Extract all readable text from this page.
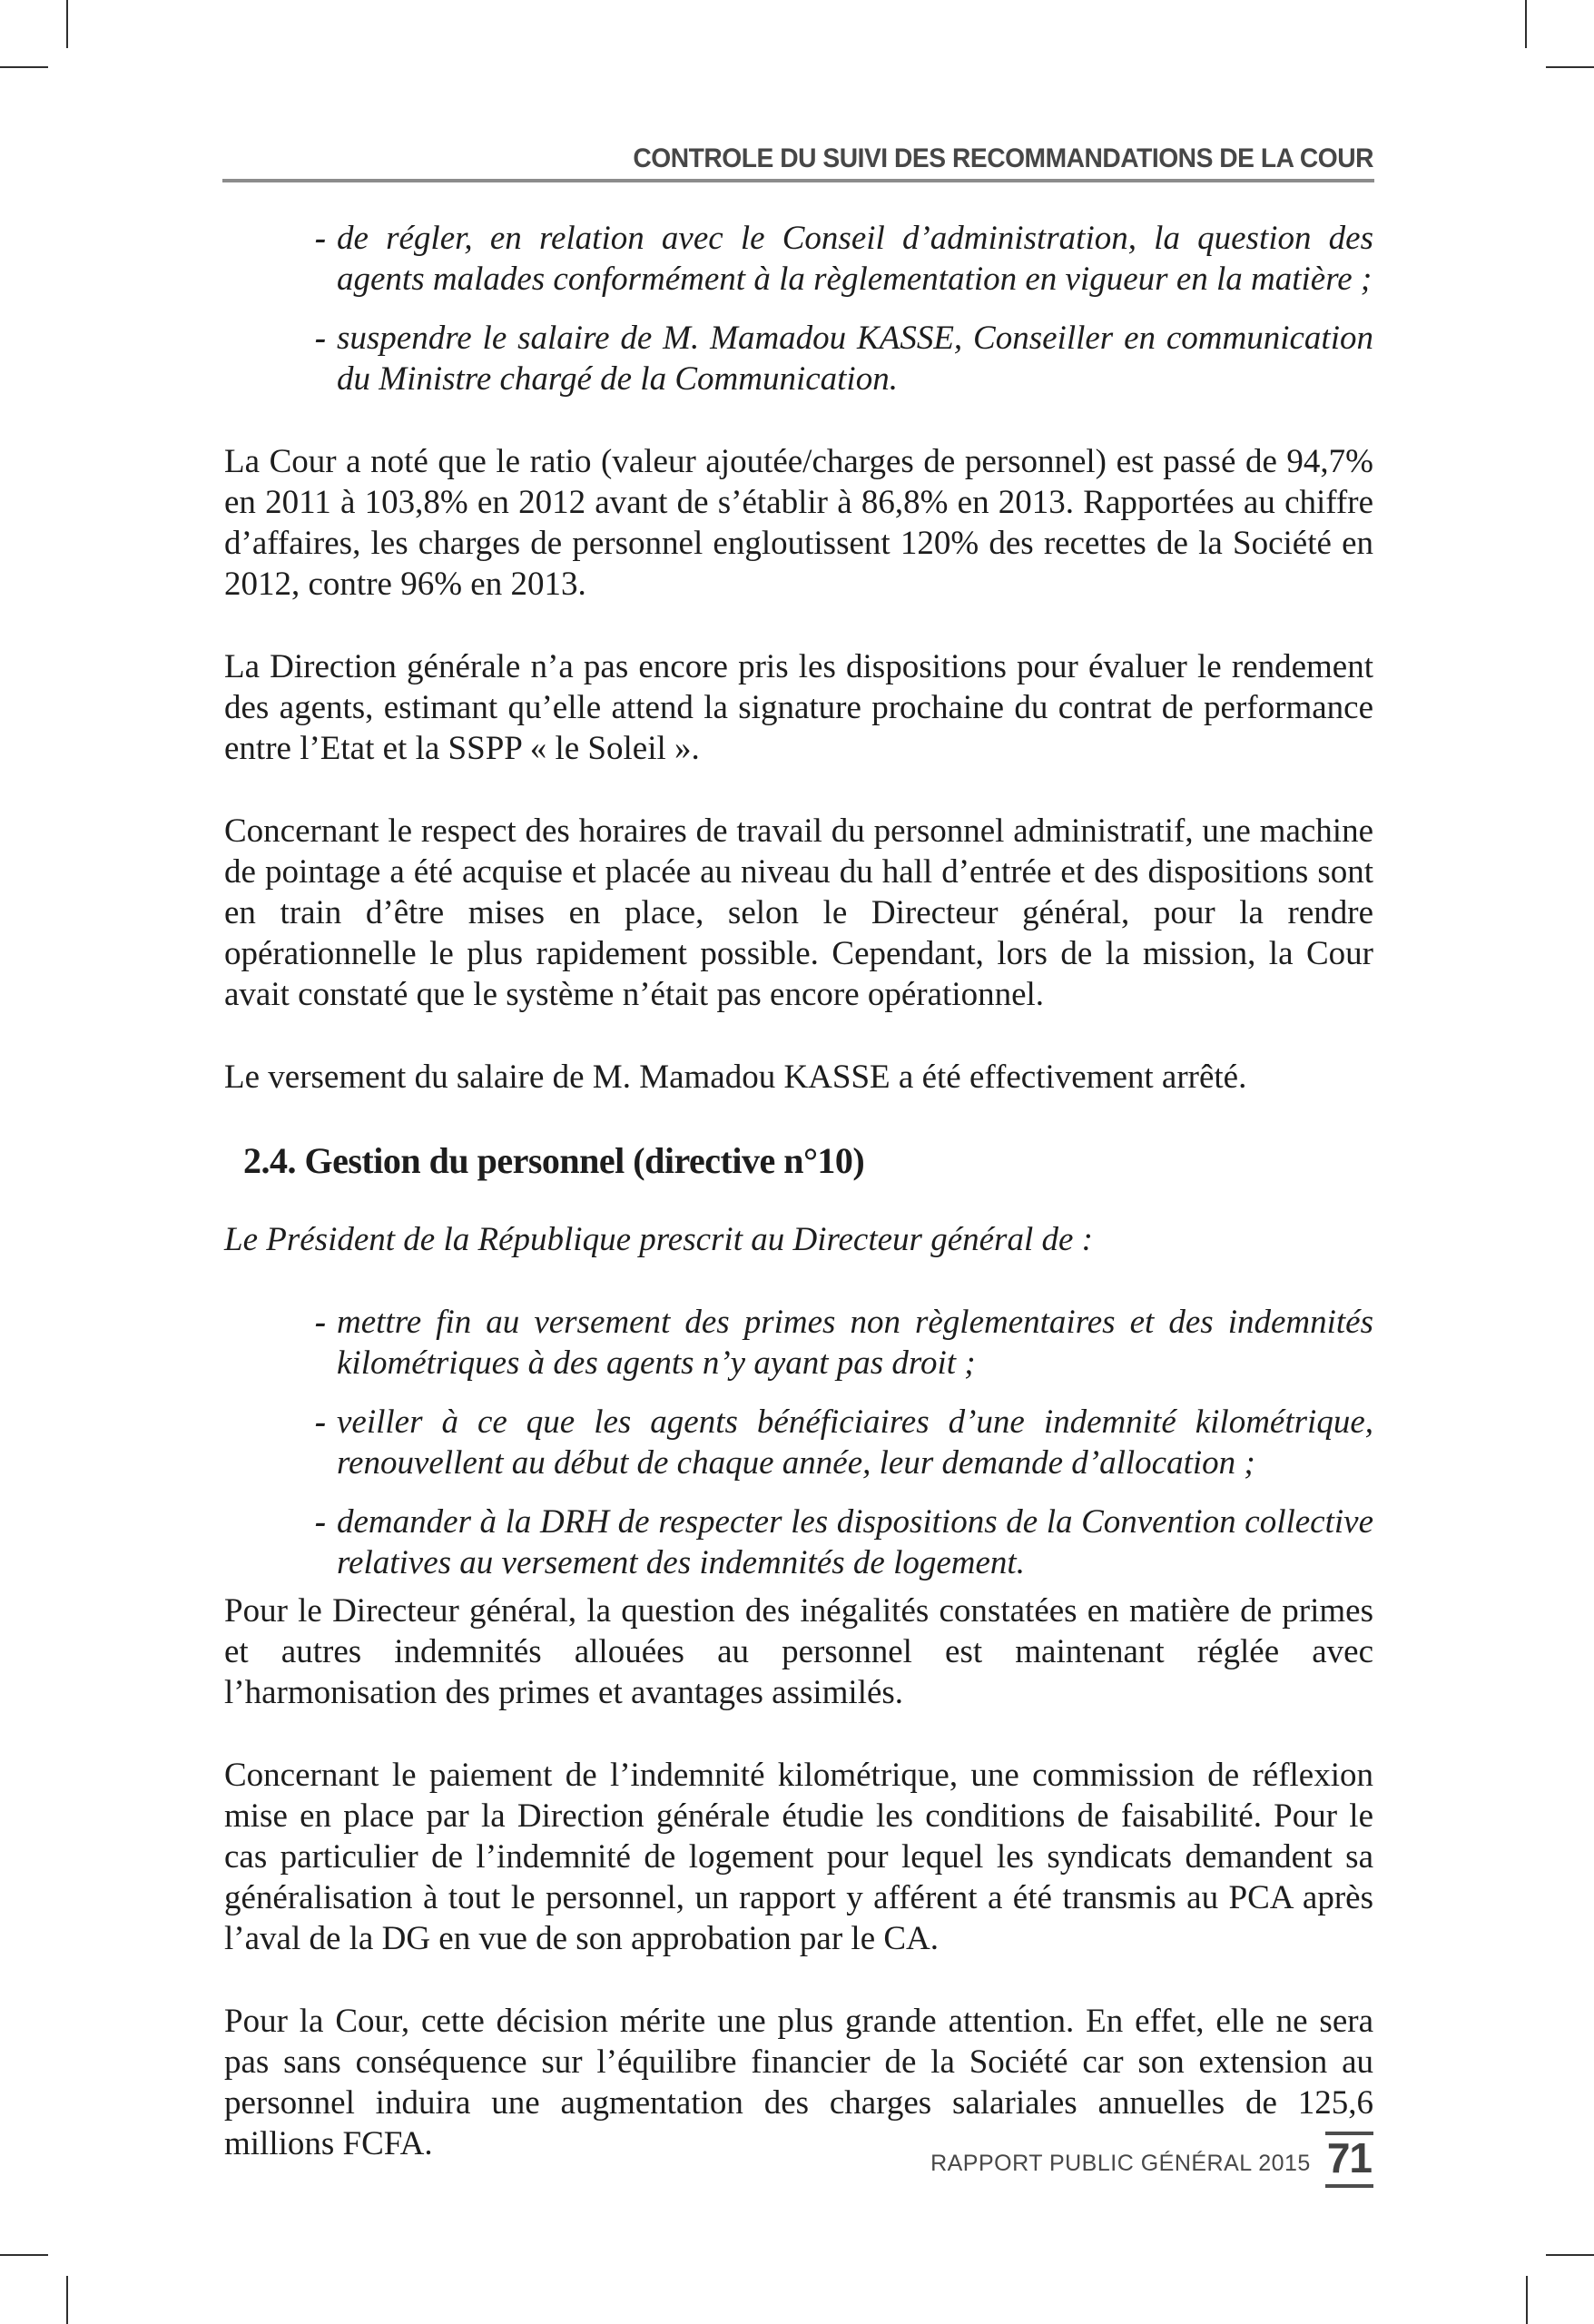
CONTROLE DU SUIVI DES RECOMMANDATIONS DE LA COUR
-
de régler, en relation avec le Conseil d’administration, la question des agents malades conformément à la règlementation en vigueur en la matière ;
-
suspendre le salaire de M. Mamadou KASSE, Conseiller en communication du Ministre chargé de la Communication.

La Cour a noté que le ratio (valeur ajoutée/charges de personnel) est passé de 94,7% en 2011 à 103,8% en 2012 avant de s’établir à 86,8% en 2013. Rapportées au chiffre d’affaires, les charges de personnel engloutissent 120% des recettes de la Société en 2012, contre 96% en 2013.

La Direction générale n’a pas encore pris les dispositions pour évaluer le rendement des agents, estimant qu’elle attend la signature prochaine du contrat de performance entre l’Etat et la SSPP « le Soleil ».

Concernant le respect des horaires de travail du personnel administratif, une machine de pointage a été acquise et placée au niveau du hall d’entrée et des dispositions sont en train d’être mises en place, selon le Directeur général, pour la rendre opérationnelle le plus rapidement possible. Cependant, lors de la mission, la Cour avait constaté que le système n’était pas encore opérationnel.

Le versement du salaire de M. Mamadou KASSE a été effectivement arrêté.

2.4. Gestion du personnel (directive n°10)

Le Président de la République prescrit au Directeur général de :

-
mettre fin au versement des primes non règlementaires et des indemnités kilométriques à des agents n’y ayant pas droit ;
-
veiller à ce que les agents bénéficiaires d’une indemnité kilométrique, renouvellent au début de chaque année, leur demande d’allocation ;
-
demander à la DRH de respecter les dispositions de la Convention collective relatives au versement des indemnités de logement.

Pour le Directeur général, la question des inégalités constatées en matière de primes et autres indemnités allouées au personnel est maintenant réglée avec l’harmonisation des primes et avantages assimilés.

Concernant le paiement de l’indemnité kilométrique, une commission de réflexion mise en place par la Direction générale étudie les conditions de faisabilité. Pour le cas particulier de l’indemnité de logement pour lequel les syndicats demandent sa généralisation à tout le personnel, un rapport y afférent a été transmis au PCA après l’aval de la DG en vue de son approbation par le CA.

Pour la Cour, cette décision mérite une plus grande attention. En effet, elle ne sera pas sans conséquence sur l’équilibre financier de la Société car son extension au personnel induira une augmentation des charges salariales annuelles de 125,6 millions FCFA.

RAPPORT PUBLIC GÉNÉRAL 2015 71
